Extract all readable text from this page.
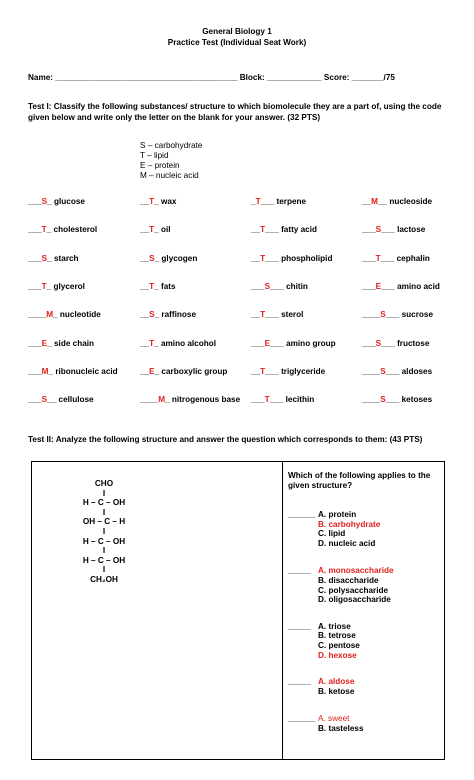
General Biology 1
Practice Test (Individual Seat Work)
Name: ________________________________________ Block: ____________ Score: _______/75
Test I: Classify the following substances/ structure to which biomolecule they are a part of, using the code given below and write only the letter on the blank for your answer. (32 PTS)
S – carbohydrate
T – lipid
E – protein
M – nucleic acid
___S_ glucose	__T_ wax	_T___ terpene	__M__ nucleoside
___T_ cholesterol	__T_ oil	__T___ fatty acid	___S___ lactose
___S_ starch	__S_ glycogen	__T___ phospholipid	___T___ cephalin
___T_ glycerol	__T_ fats	___S___ chitin	___E___ amino acid
____M_ nucleotide	__S_ raffinose	__T___ sterol	____S___ sucrose
___E_ side chain	__T_ amino alcohol	___E___ amino group	___S___ fructose
___M_ ribonucleic acid	__E_ carboxylic group	__T___ triglyceride	____S___ aldoses
___S__ cellulose	____M_ nitrogenous base ___T___ lecithin	____S___ ketoses
Test II: Analyze the following structure and answer the question which corresponds to them: (43 PTS)
CHO
I
H – C – OH
I
OH – C – H
I
H – C – OH
I
H – C – OH
I
CH₂OH

Which of the following applies to the given structure?
______ A. protein
B. carbohydrate
C. lipid
D. nucleic acid
_____ A. monosaccharide
B. disaccharide
C. polysaccharide
D. oligosaccharide
_____ A. triose
B. tetrose
C. pentose
D. hexose
_____ A. aldose
B. ketose
______ A. sweet
B. tasteless
